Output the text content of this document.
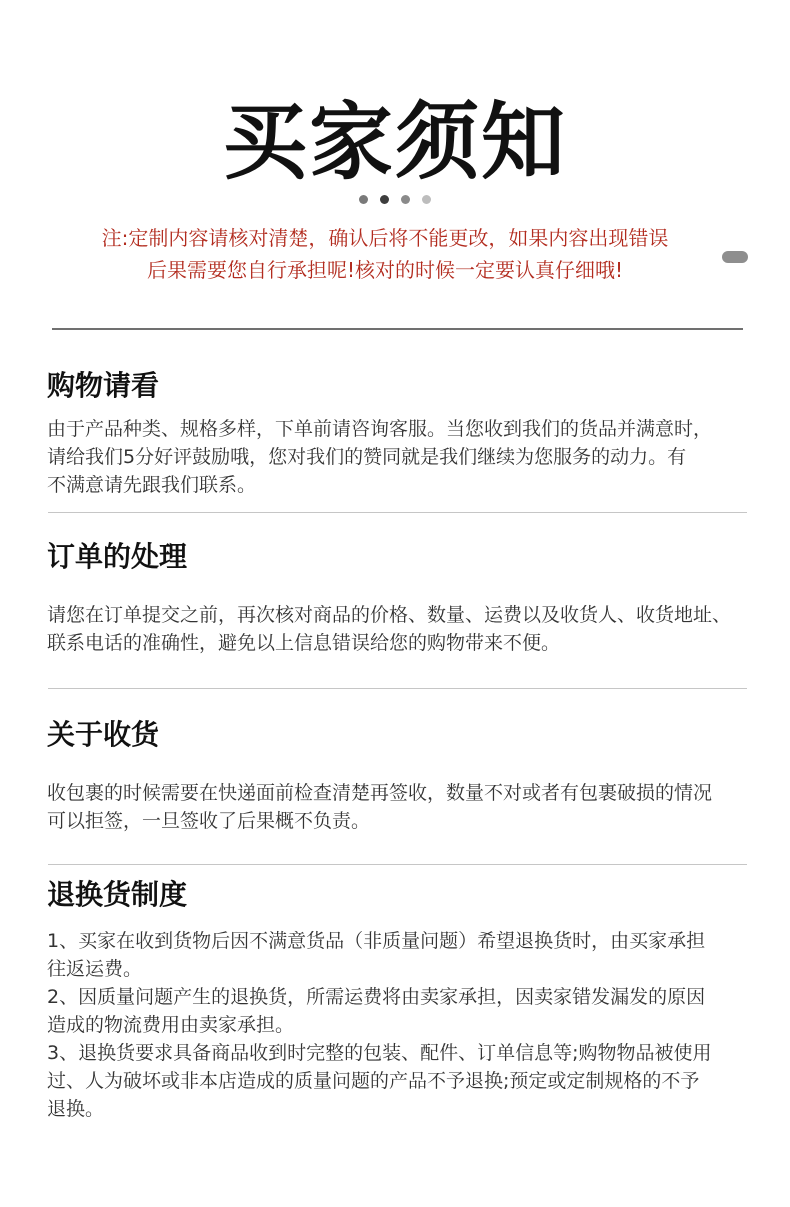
买家须知
注:定制内容请核对清楚，确认后将不能更改，如果内容出现错误
后果需要您自行承担呢!核对的时候一定要认真仔细哦!
购物请看
由于产品种类、规格多样，下单前请咨询客服。当您收到我们的货品并满意时，
请给我们5分好评鼓励哦，您对我们的赞同就是我们继续为您服务的动力。有
不满意请先跟我们联系。
订单的处理
请您在订单提交之前，再次核对商品的价格、数量、运费以及收货人、收货地址、
联系电话的准确性，避免以上信息错误给您的购物带来不便。
关于收货
收包裹的时候需要在快递面前检查清楚再签收，数量不对或者有包裹破损的情况
可以拒签，一旦签收了后果概不负责。
退换货制度
1、买家在收到货物后因不满意货品（非质量问题）希望退换货时，由买家承担
往返运费。
2、因质量问题产生的退换货，所需运费将由卖家承担，因卖家错发漏发的原因
造成的物流费用由卖家承担。
3、退换货要求具备商品收到时完整的包装、配件、订单信息等;购物物品被使用
过、人为破坏或非本店造成的质量问题的产品不予退换;预定或定制规格的不予
退换。
